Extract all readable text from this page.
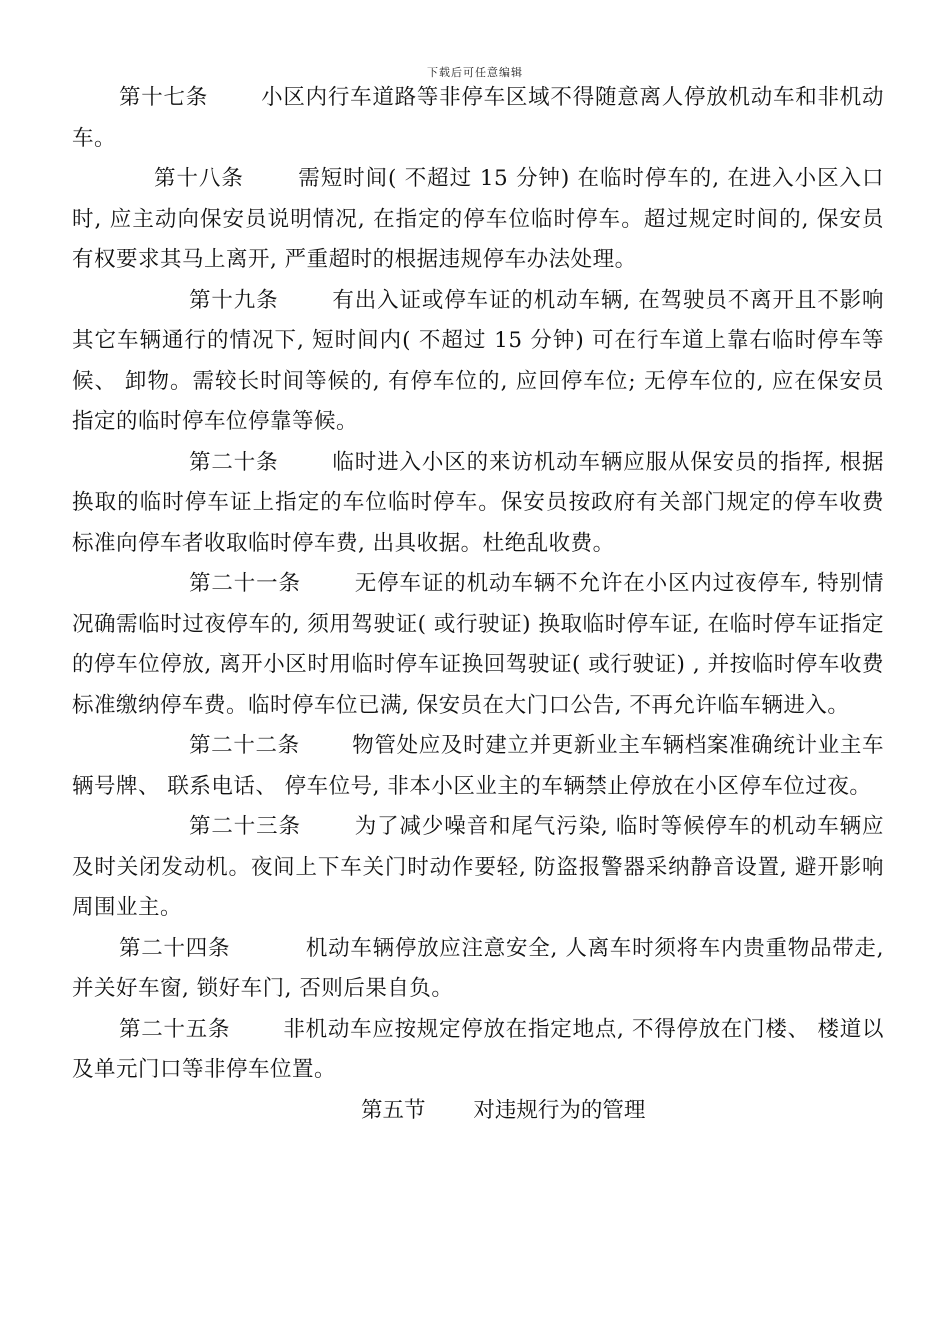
下载后可任意编辑

第十七条 小区内行车道路等非停车区域不得随意离人停放机动车和非机动车。

第十八条	需短时间( 不超过 15 分钟) 在临时停车的, 在进入小区入口时, 应主动向保安员说明情况, 在指定的停车位临时停车。超过规定时间的, 保安员有权要求其马上离开, 严重超时的根据违规停车办法处理。

第十九条	有出入证或停车证的机动车辆, 在驾驶员不离开且不影响其它车辆通行的情况下, 短时间内( 不超过 15 分钟) 可在行车道上靠右临时停车等候、 卸物。需较长时间等候的, 有停车位的, 应回停车位; 无停车位的, 应在保安员指定的临时停车位停靠等候。

第二十条	临时进入小区的来访机动车辆应服从保安员的指挥, 根据换取的临时停车证上指定的车位临时停车。保安员按政府有关部门规定的停车收费标准向停车者收取临时停车费, 出具收据。杜绝乱收费。

第二十一条	无停车证的机动车辆不允许在小区内过夜停车, 特别情况确需临时过夜停车的, 须用驾驶证( 或行驶证) 换取临时停车证, 在临时停车证指定的停车位停放, 离开小区时用临时停车证换回驾驶证( 或行驶证) , 并按临时停车收费标准缴纳停车费。临时停车位已满, 保安员在大门口公告, 不再允许临车辆进入。

第二十二条 物管处应及时建立并更新业主车辆档案准确统计业主车辆号牌、 联系电话、 停车位号, 非本小区业主的车辆禁止停放在小区停车位过夜。

第二十三条	为了减少噪音和尾气污染, 临时等候停车的机动车辆应及时关闭发动机。夜间上下车关门时动作要轻, 防盗报警器采纳静音设置, 避开影响周围业主。

第二十四条	机动车辆停放应注意安全, 人离车时须将车内贵重物品带走, 并关好车窗, 锁好车门, 否则后果自负。

第二十五条 非机动车应按规定停放在指定地点, 不得停放在门楼、 楼道以及单元门口等非停车位置。

第五节 对违规行为的管理
